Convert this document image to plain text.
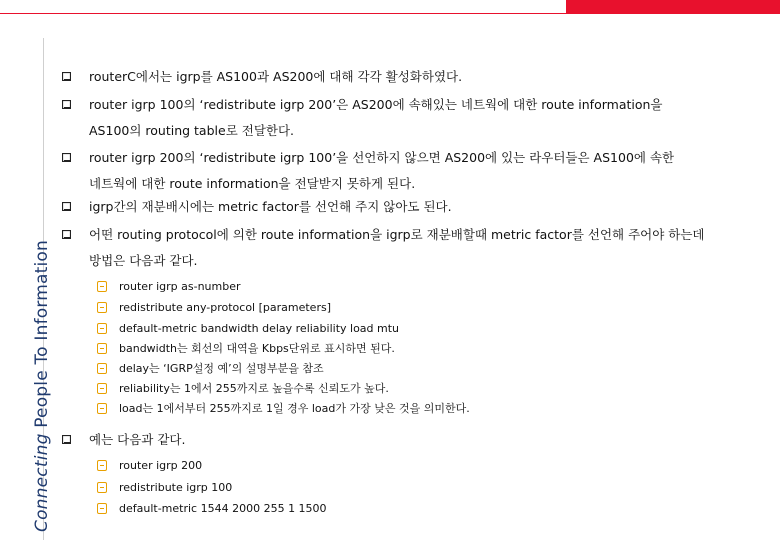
Connecting People To Information
routerC에서는 igrp를 AS100과 AS200에 대해 각각 활성화하였다.
router igrp 100의 ‘redistribute igrp 200’은 AS200에 속해있는 네트웍에 대한 route information을
AS100의 routing table로 전달한다.
router igrp 200의 ‘redistribute igrp 100’을 선언하지 않으면 AS200에 있는 라우터들은 AS100에 속한
네트웍에 대한 route information을 전달받지 못하게 된다.
igrp간의 재분배시에는 metric factor를 선언해 주지 않아도 된다.
어떤 routing protocol에 의한 route information을 igrp로 재분배할때 metric factor를 선언해 주어야 하는데
방법은 다음과 같다.
router igrp as-number
redistribute any-protocol [parameters]
default-metric bandwidth delay reliability load mtu
bandwidth는 회선의 대역을 Kbps단위로 표시하면 된다.
delay는 ‘IGRP설정 예’의 설명부분을 참조
reliability는 1에서 255까지로 높을수록 신뢰도가 높다.
load는 1에서부터 255까지로 1일 경우 load가 가장 낮은 것을 의미한다.
예는 다음과 같다.
router igrp 200
redistribute igrp 100
default-metric 1544 2000 255 1 1500
